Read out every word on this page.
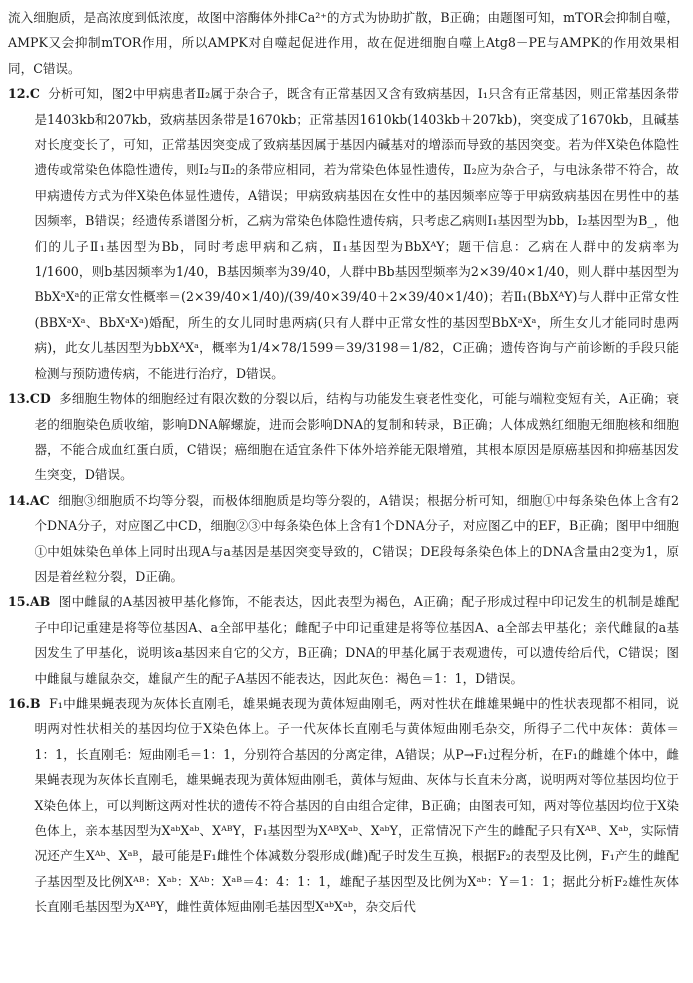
流入细胞质，是高浓度到低浓度，故图中溶酶体外排Ca²⁺的方式为协助扩散，B正确；由题图可知，mTOR会抑制自噬，AMPK又会抑制mTOR作用，所以AMPK对自噬起促进作用，故在促进细胞自噬上Atg8－PE与AMPK的作用效果相同，C错误。

12.C 分析可知，图2中甲病患者Ⅱ₂属于杂合子，既含有正常基因又含有致病基因，Ⅰ₁只含有正常基因，则正常基因条带是1403kb和207kb，致病基因条带是1670kb；正常基因1610kb(1403kb＋207kb)，突变成了1670kb，且碱基对长度变长了，可知，正常基因突变成了致病基因属于基因内碱基对的增添而导致的基因突变。若为伴X染色体隐性遗传或常染色体隐性遗传，则Ⅰ₂与Ⅱ₂的条带应相同，若为常染色体显性遗传，Ⅱ₂应为杂合子，与电泳条带不符合，故甲病遗传方式为伴X染色体显性遗传，A错误；甲病致病基因在女性中的基因频率应等于甲病致病基因在男性中的基因频率，B错误；经遗传系谱图分析，乙病为常染色体隐性遗传病，只考虑乙病则Ⅰ₁基因型为bb，Ⅰ₂基因型为B_，他们的儿子Ⅱ₁基因型为Bb，同时考虑甲病和乙病，Ⅱ₁基因型为BbXᴬY；题干信息：乙病在人群中的发病率为1/1600，则b基因频率为1/40，B基因频率为39/40，人群中Bb基因型频率为2×39/40×1/40，则人群中基因型为BbXᵃXᵃ的正常女性概率＝(2×39/40×1/40)/(39/40×39/40＋2×39/40×1/40)；若Ⅱ₁(BbXᴬY)与人群中正常女性(BBXᵃXᵃ、BbXᵃXᵃ)婚配，所生的女儿同时患两病(只有人群中正常女性的基因型BbXᵃXᵃ，所生女儿才能同时患两病)，此女儿基因型为bbXᴬXᵃ，概率为1/4×78/1599＝39/3198＝1/82，C正确；遗传咨询与产前诊断的手段只能检测与预防遗传病，不能进行治疗，D错误。

13.CD 多细胞生物体的细胞经过有限次数的分裂以后，结构与功能发生衰老性变化，可能与端粒变短有关，A正确；衰老的细胞染色质收缩，影响DNA解螺旋，进而会影响DNA的复制和转录，B正确；人体成熟红细胞无细胞核和细胞器，不能合成血红蛋白质，C错误；癌细胞在适宜条件下体外培养能无限增殖，其根本原因是原癌基因和抑癌基因发生突变，D错误。

14.AC 细胞③细胞质不均等分裂，而极体细胞质是均等分裂的，A错误；根据分析可知，细胞①中每条染色体上含有2个DNA分子，对应图乙中CD，细胞②③中每条染色体上含有1个DNA分子，对应图乙中的EF，B正确；图甲中细胞①中姐妹染色单体上同时出现A与a基因是基因突变导致的，C错误；DE段每条染色体上的DNA含量由2变为1，原因是着丝粒分裂，D正确。

15.AB 图中雌鼠的A基因被甲基化修饰，不能表达，因此表型为褐色，A正确；配子形成过程中印记发生的机制是雄配子中印记重建是将等位基因A、a全部甲基化；雌配子中印记重建是将等位基因A、a全部去甲基化；亲代雌鼠的a基因发生了甲基化，说明该a基因来自它的父方，B正确；DNA的甲基化属于表观遗传，可以遗传给后代，C错误；图中雌鼠与雄鼠杂交，雄鼠产生的配子A基因不能表达，因此灰色：褐色＝1：1，D错误。

16.B F₁中雌果蝇表现为灰体长直刚毛，雄果蝇表现为黄体短曲刚毛，两对性状在雌雄果蝇中的性状表现都不相同，说明两对性状相关的基因均位于X染色体上。子一代灰体长直刚毛与黄体短曲刚毛杂交，所得子二代中灰体：黄体＝1：1，长直刚毛：短曲刚毛＝1：1，分别符合基因的分离定律，A错误；从P→F₁过程分析，在F₁的雌雄个体中，雌果蝇表现为灰体长直刚毛，雄果蝇表现为黄体短曲刚毛，黄体与短曲、灰体与长直未分离，说明两对等位基因均位于X染色体上，可以判断这两对性状的遗传不符合基因的自由组合定律，B正确；由图表可知，两对等位基因均位于X染色体上，亲本基因型为XᵃᵇXᵃᵇ、XᴬᴮY，F₁基因型为XᴬᴮXᵃᵇ、XᵃᵇY，正常情况下产生的雌配子只有Xᴬᴮ、Xᵃᵇ，实际情况还产生Xᴬᵇ、Xᵃᴮ，最可能是F₁雌性个体减数分裂形成(雌)配子时发生互换，根据F₂的表型及比例，F₁产生的雌配子基因型及比例Xᴬᴮ：Xᵃᵇ：Xᴬᵇ：Xᵃᴮ＝4：4：1：1，雄配子基因型及比例为Xᵃᵇ：Y＝1：1；据此分析F₂雄性灰体长直刚毛基因型为XᴬᴮY，雌性黄体短曲刚毛基因型XᵃᵇXᵃᵇ，杂交后代
